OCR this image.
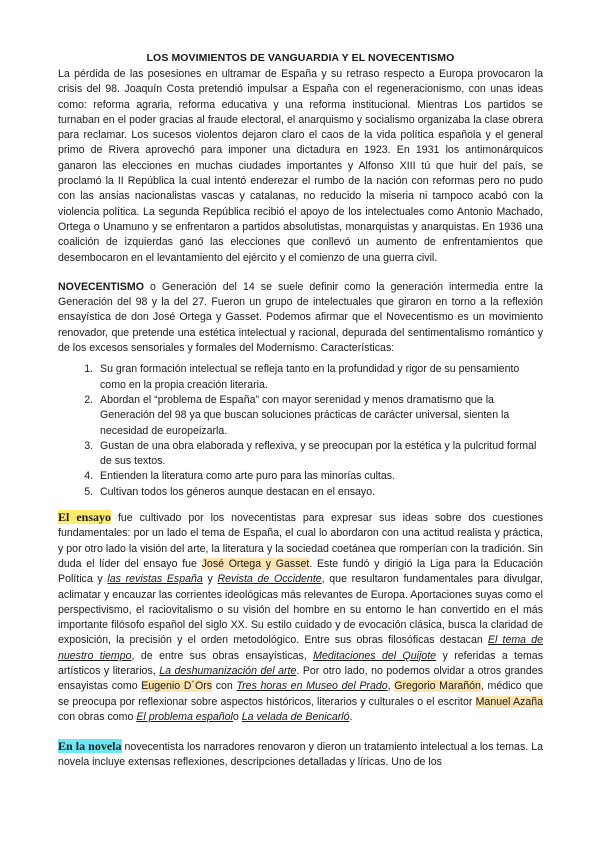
LOS MOVIMIENTOS DE VANGUARDIA Y EL NOVECENTISMO

La pérdida de las posesiones en ultramar de España y su retraso respecto a Europa provocaron la crisis del 98. Joaquín Costa pretendió impulsar a España con el regeneracionismo, con unas ideas como: reforma agraria, reforma educativa y una reforma institucional. Mientras Los partidos se turnaban en el poder gracias al fraude electoral, el anarquismo y socialismo organizaba la clase obrera para reclamar. Los sucesos violentos dejaron claro el caos de la vida política española y el general primo de Rivera aprovechó para imponer una dictadura en 1923. En 1931 los antimonárquicos ganaron las elecciones en muchas ciudades importantes y Alfonso XIII tú que huir del país, se proclamó la II República la cual intentó enderezar el rumbo de la nación con reformas pero no pudo con las ansias nacionalistas vascas y catalanas, no reducido la miseria ni tampoco acabó con la violencia política. La segunda República recibió el apoyo de los intelectuales como Antonio Machado, Ortega o Unamuno y se enfrentaron a partidos absolutistas, monarquistas y anarquistas. En 1936 una coalición de izquierdas ganó las elecciones que conllevó un aumento de enfrentamientos que desembocaron en el levantamiento del ejército y el comienzo de una guerra civil.

NOVECENTISMO o Generación del 14 se suele definir como la generación intermedia entre la Generación del 98 y la del 27. Fueron un grupo de intelectuales que giraron en torno a la reflexión ensayística de don José Ortega y Gasset. Podemos afirmar que el Novecentismo es un movimiento renovador, que pretende una estética intelectual y racional, depurada del sentimentalismo romántico y de los excesos sensoriales y formales del Modernismo. Características:

1. Su gran formación intelectual se refleja tanto en la profundidad y rigor de su pensamiento como en la propia creación literaria.
2. Abordan el “problema de España” con mayor serenidad y menos dramatismo que la Generación del 98 ya que buscan soluciones prácticas de carácter universal, sienten la necesidad de europeizarla.
3. Gustan de una obra elaborada y reflexiva, y se preocupan por la estética y la pulcritud formal de sus textos.
4. Entienden la literatura como arte puro para las minorías cultas.
5. Cultivan todos los géneros aunque destacan en el ensayo.

El ensayo fue cultivado por los novecentistas para expresar sus ideas sobre dos cuestiones fundamentales: por un lado el tema de España, el cual lo abordaron con una actitud realista y práctica, y por otro lado la visión del arte, la literatura y la sociedad coetánea que romperían con la tradición. Sin duda el líder del ensayo fue José Ortega y Gasset. Este fundó y dirigió la Liga para la Educación Política y las revistas España y Revista de Occidente, que resultaron fundamentales para divulgar, aclimatar y encauzar las corrientes ideológicas más relevantes de Europa. Aportaciones suyas como el perspectivismo, el raciovitalismo o su visión del hombre en su entorno le han convertido en el más importante filósofo español del siglo XX. Su estilo cuidado y de evocación clásica, busca la claridad de exposición, la precisión y el orden metodológico. Entre sus obras filosóficas destacan El tema de nuestro tiempo, de entre sus obras ensayísticas, Meditaciones del Quijote y referidas a temas artísticos y literarios, La deshumanización del arte. Por otro lado, no podemos olvidar a otros grandes ensayistas como Eugenio D´Ors con Tres horas en Museo del Prado, Gregorio Marañón, médico que se preocupa por reflexionar sobre aspectos históricos, literarios y culturales o el escritor Manuel Azaña con obras como El problema españolo La velada de Benicarló.

En la novela novecentista los narradores renovaron y dieron un tratamiento intelectual a los temas. La novela incluye extensas reflexiones, descripciones detalladas y líricas. Uno de los
